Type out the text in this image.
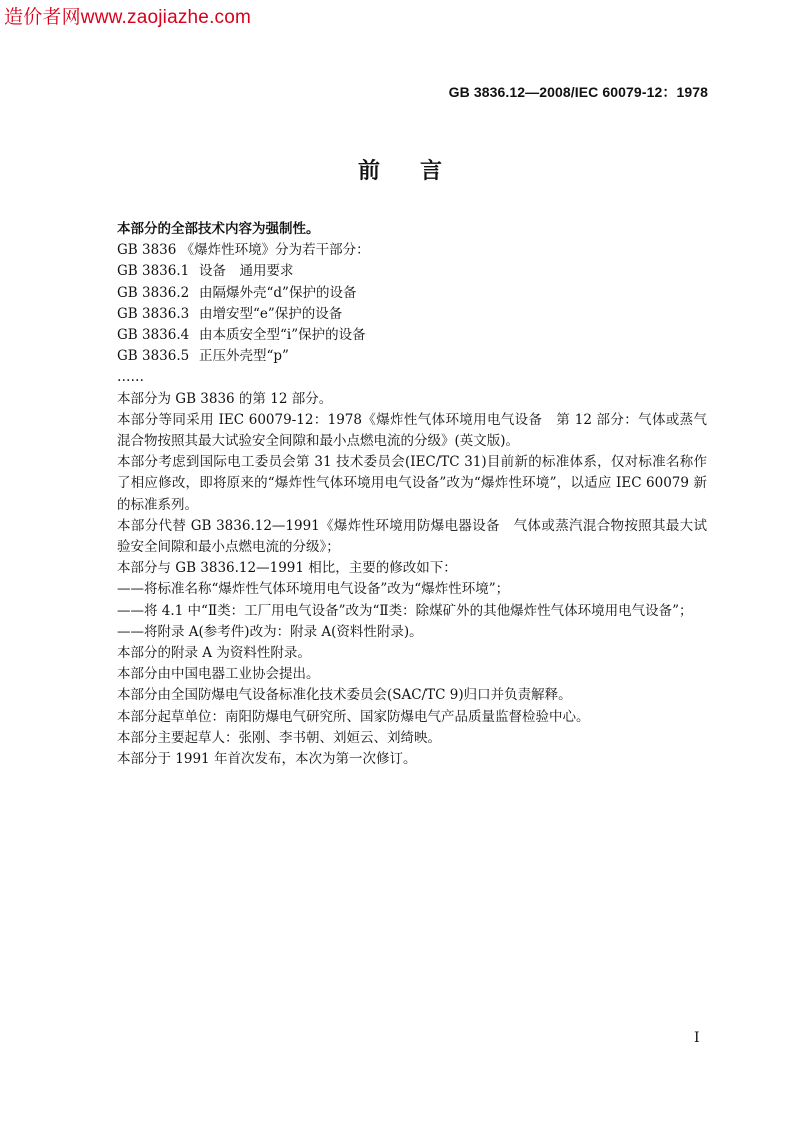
造价者网www.zaojiazhe.com
GB 3836.12—2008/IEC 60079-12：1978
前言
本部分的全部技术内容为强制性。
GB 3836 《爆炸性环境》分为若干部分：
GB 3836.1 设备　通用要求
GB 3836.2 由隔爆外壳“d”保护的设备
GB 3836.3 由增安型“e”保护的设备
GB 3836.4 由本质安全型“i”保护的设备
GB 3836.5 正压外壳型“p”
……
本部分为 GB 3836 的第 12 部分。
本部分等同采用 IEC 60079-12：1978《爆炸性气体环境用电气设备　第 12 部分：气体或蒸气混合物按照其最大试验安全间隙和最小点燃电流的分级》(英文版)。
本部分考虑到国际电工委员会第 31 技术委员会(IEC/TC 31)目前新的标准体系，仅对标准名称作了相应修改，即将原来的“爆炸性气体环境用电气设备”改为“爆炸性环境”，以适应 IEC 60079 新的标准系列。
本部分代替 GB 3836.12—1991《爆炸性环境用防爆电器设备　气体或蒸汽混合物按照其最大试验安全间隙和最小点燃电流的分级》；
本部分与 GB 3836.12—1991 相比，主要的修改如下：
——将标准名称“爆炸性气体环境用电气设备”改为“爆炸性环境”；
——将 4.1 中“Ⅱ类：工厂用电气设备”改为“Ⅱ类：除煤矿外的其他爆炸性气体环境用电气设备”；
——将附录 A(参考件)改为：附录 A(资料性附录)。
本部分的附录 A 为资料性附录。
本部分由中国电器工业协会提出。
本部分由全国防爆电气设备标准化技术委员会(SAC/TC 9)归口并负责解释。
本部分起草单位：南阳防爆电气研究所、国家防爆电气产品质量监督检验中心。
本部分主要起草人：张刚、李书朝、刘姮云、刘绮映。
本部分于 1991 年首次发布，本次为第一次修订。
Ⅰ
